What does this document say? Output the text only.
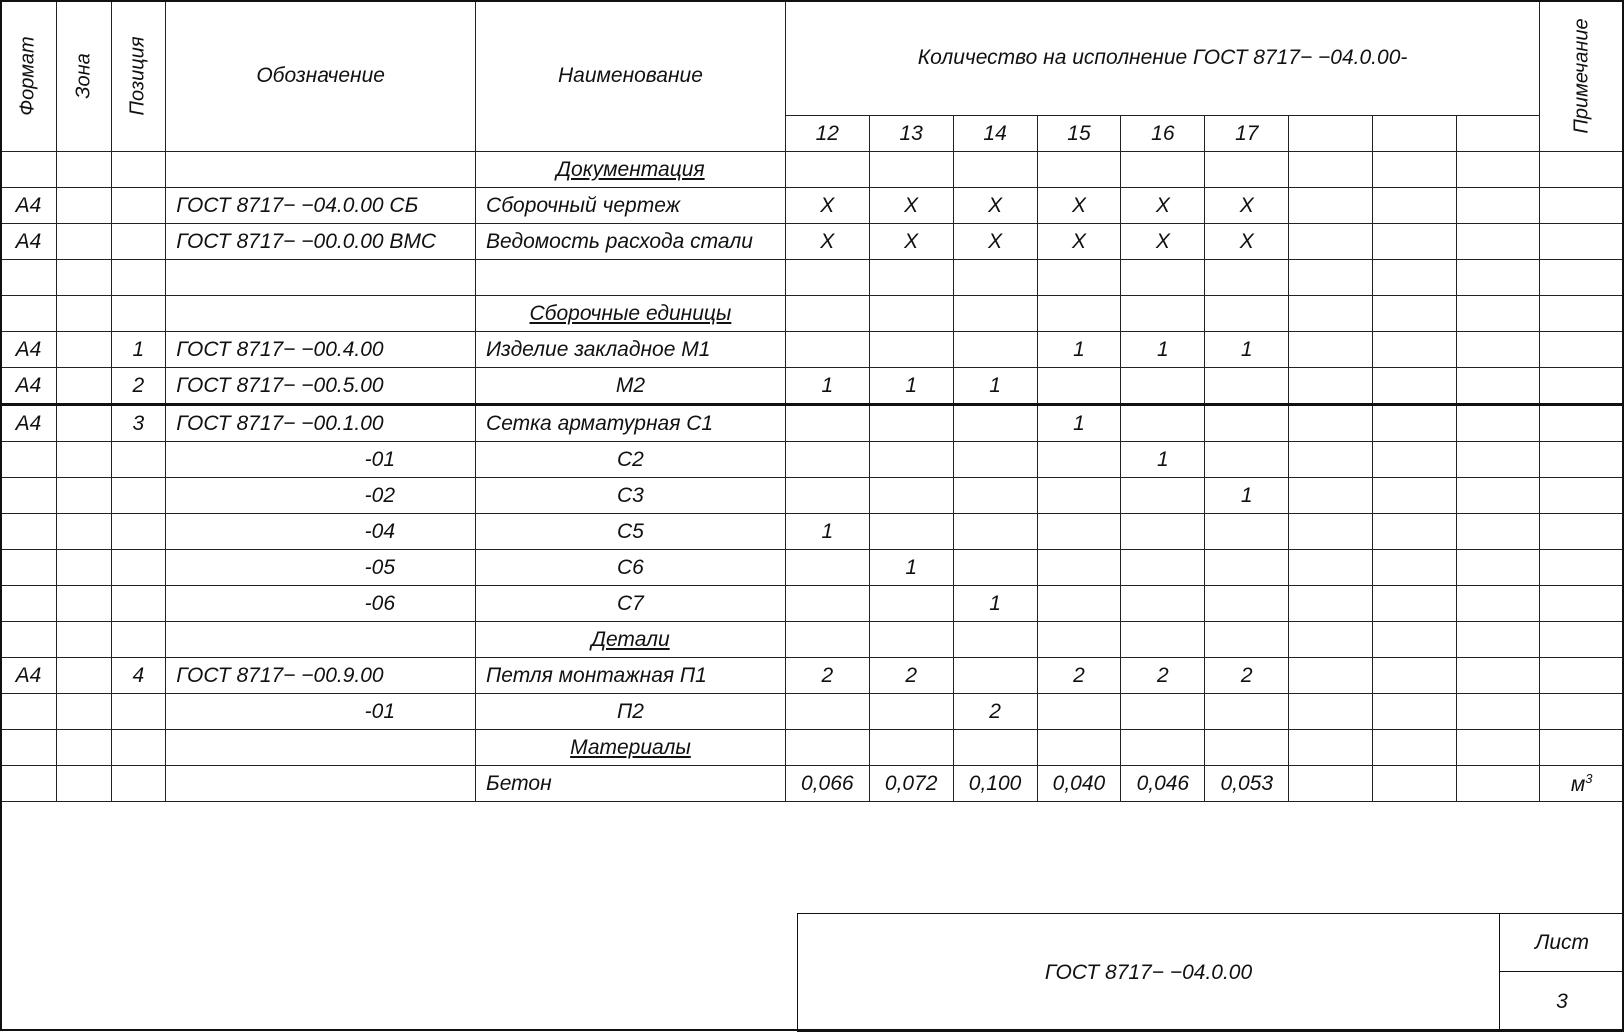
Формат	Зона	Позиция	Обозначение	Наименование	Количество на исполнение ГОСТ 8717− −04.0.00-									Примечание

					12	13	14	15	16	17				
				Документация										
А4			ГОСТ 8717− −04.0.00 СБ	Сборочный чертеж	X	X	X	X	X	X				
А4			ГОСТ 8717− −00.0.00 ВМС	Ведомость расхода стали	X	X	X	X	X	X				

				Сборочные единицы										
А4		1	ГОСТ 8717− −00.4.00	Изделие закладное М1				1	1	1				
А4		2	ГОСТ 8717− −00.5.00	М2	1	1	1							
А4		3	ГОСТ 8717− −00.1.00	Сетка арматурная С1				1						
			-01	С2					1					
			-02	С3						1				
			-04	С5	1									
			-05	С6		1								
			-06	С7			1							
				Детали										
А4		4	ГОСТ 8717− −00.9.00	Петля монтажная П1	2	2		2	2	2				
			-01	П2			2							
				Материалы										
				Бетон	0,066	0,072	0,100	0,040	0,046	0,053				$м^3$
ГОСТ 8717− −04.0.00	Лист
3
